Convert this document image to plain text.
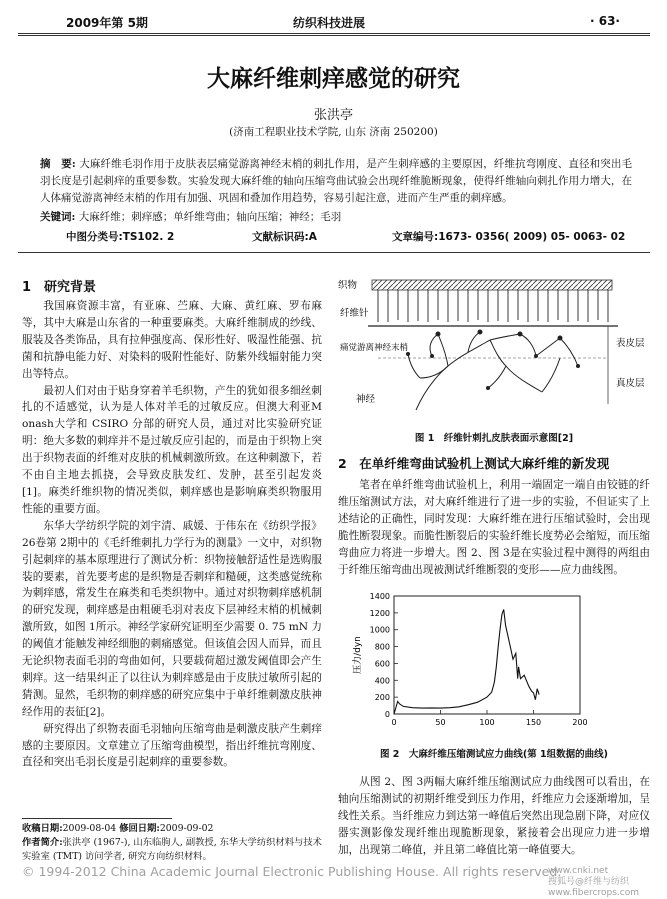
2009年第 5期	纺织科技进展	· 63·
大麻纤维刺痒感觉的研究
张洪亭
(济南工程职业技术学院, 山东 济南 250200)
摘　要: 大麻纤维毛羽作用于皮肤表层痛觉游离神经末梢的刺扎作用，是产生刺痒感的主要原因，纤维抗弯刚度、直径和突出毛羽长度是引起刺痒的重要参数。实验发现大麻纤维的轴向压缩弯曲试验会出现纤维脆断现象，使得纤维轴向刺扎作用力增大，在人体痛觉游离神经末梢的作用有加强、巩固和叠加作用趋势，容易引起注意，进而产生严重的刺痒感。
关键词: 大麻纤维；刺痒感；单纤维弯曲；轴向压缩；神经；毛羽
中图分类号:TS102. 2	文献标识码:A	文章编号:1673- 0356( 2009) 05- 0063- 02
1　研究背景

我国麻资源丰富，有亚麻、苎麻、大麻、黄红麻、罗布麻等，其中大麻是山东省的一种重要麻类。大麻纤维制成的纱线、服装及各类饰品，具有拉伸强度高、保形性好、吸湿性能强、抗菌和抗静电能力好、对染料的吸附性能好、防紫外线辐射能力突出等特点。

最初人们对由于贴身穿着羊毛织物，产生的犹如很多细丝刺扎的不适感觉，认为是人体对羊毛的过敏反应。但澳大利亚M onash大学和 CSIRO 分部的研究人员，通过对比实验研究证明：绝大多数的刺痒并不是过敏反应引起的，而是由于织物上突出于织物表面的纤维对皮肤的机械刺激所致。在这种刺激下，若不由自主地去抓挠，会导致皮肤发红、发肿，甚至引起发炎[1]。麻类纤维织物的情况类似，刺痒感也是影响麻类织物服用性能的重要方面。

东华大学纺织学院的刘宇清、戚媛、于伟东在《纺织学报》26卷第 2期中的《毛纤维刺扎力学行为的测量》一文中，对织物引起刺痒的基本原理进行了测试分析：织物接触舒适性是选购服装的要素，首先要考虑的是织物是否刺痒和糙硬，这类感觉统称为刺痒感，常发生在麻类和毛类织物中。通过对织物刺痒感机制的研究发现，刺痒感是由粗硬毛羽对表皮下层神经末梢的机械刺激所致，如图 1所示。神经学家研究证明至少需要 0. 75 mN 力的阈值才能触发神经细胞的刺痛感觉。但该值会因人而异，而且无论织物表面毛羽的弯曲如何，只要载荷超过激发阈值即会产生刺痒。这一结果纠正了以往认为刺痒感是由于皮肤过敏所引起的猜测。显然，毛织物的刺痒感的研究应集中于单纤维刺激皮肤神经作用的表征[2]。

研究得出了织物表面毛羽轴向压缩弯曲是刺激皮肤产生刺痒感的主要原因。文章建立了压缩弯曲模型，指出纤维抗弯刚度、直径和突出毛羽长度是引起刺痒的重要参数。

收稿日期:2009-08-04 修回日期:2009-09-02
作者简介:张洪亭 (1967-), 山东临朐人, 副教授, 东华大学纺织材料与技术实验室 (TMT) 访问学者, 研究方向纺织材料。
织物
纤维针
痛觉游离神经末梢	表皮层
真皮层
神经
图 1　纤维针刺扎皮肤表面示意图[2]
2　在单纤维弯曲试验机上测试大麻纤维的新发现

笔者在单纤维弯曲试验机上，利用一端固定一端自由铰链的纤维压缩测试方法，对大麻纤维进行了进一步的实验，不但证实了上述结论的正确性，同时发现：大麻纤维在进行压缩试验时，会出现脆性断裂现象。而脆性断裂后的实验纤维长度势必会缩短，而压缩弯曲应力将进一步增大。图 2、图 3是在实验过程中测得的两组由于纤维压缩弯曲出现被测试纤维断裂的变形——应力曲线图。

0
200
400
600
800
1000
1200
1400
0	50	100	150	200
压力/dyn
图 2　大麻纤维压缩测试应力曲线(第 1组数据的曲线)

从图 2、图 3两幅大麻纤维压缩测试应力曲线图可以看出，在轴向压缩测试的初期纤维受到压力作用，纤维应力会逐渐增加，呈线性关系。当纤维应力到达第一峰值后突然出现急剧下降，对应仪器实测影像发现纤维出现脆断现象，紧接着会出现应力进一步增加，出现第二峰值，并且第二峰值比第一峰值要大。

© 1994-2012 China Academic Journal Electronic Publishing House. All rights reserved.
www.cnki.net
搜狐号@纤维与纺织
www.fibercrops.com
